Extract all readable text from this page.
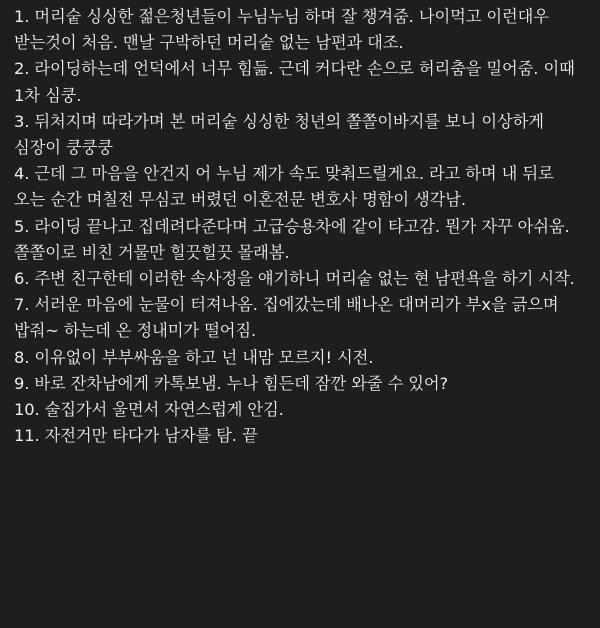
1. 머리숱 싱싱한 젊은청년들이 누님누님 하며 잘 챙겨줌. 나이먹고 이런대우 받는것이 처음. 맨날 구박하던 머리숱 없는 남편과 대조.
2. 라이딩하는데 언덕에서 너무 힘듦. 근데 커다란 손으로 허리춤을 밀어줌. 이때 1차 심쿵.
3. 뒤처지며 따라가며 본 머리숱 싱싱한 청년의 쫄쫄이바지를 보니 이상하게 심장이 쿵쿵쿵
4. 근데 그 마음을 안건지 어 누님 제가 속도 맞춰드릴게요. 라고 하며 내 뒤로 오는 순간 며칠전 무심코 버렸던 이혼전문 변호사 명함이 생각남.
5. 라이딩 끝나고 집데려다준다며 고급승용차에 같이 타고감. 뭔가 자꾸 아쉬움. 쫄쫄이로 비친 거물만 힐끗힐끗 몰래봄.
6. 주변 친구한테 이러한 속사정을 얘기하니 머리숱 없는 현 남편욕을 하기 시작.
7. 서러운 마음에 눈물이 터져나옴. 집에갔는데 배나온 대머리가 부x을 긁으며 밥줘~ 하는데 온 정내미가 떨어짐.
8. 이유없이 부부싸움을 하고 넌 내맘 모르지! 시전.
9. 바로 잔차남에게 카톡보냄. 누나 힘든데 잠깐 와줄 수 있어?
10. 술집가서 울면서 자연스럽게 안김.
11. 자전거만 타다가 남자를 탐. 끝
